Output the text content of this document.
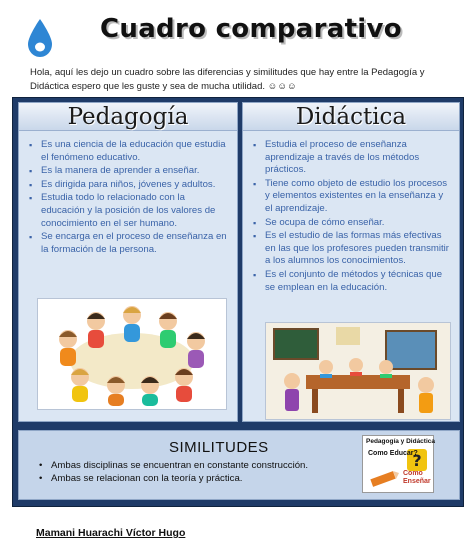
Cuadro comparativo
Hola, aquí les dejo un cuadro sobre las diferencias y similitudes que hay entre la Pedagogía y Didáctica espero que les guste y sea de mucha utilidad. ☺☺☺
Pedagogía
▪ Es una ciencia de la educación que estudia el fenómeno educativo.
▪ Es la manera de aprender a enseñar.
▪ Es dirigida para niños, jóvenes y adultos.
▪ Estudia todo lo relacionado con la educación y la posición de los valores de conocimiento en el ser humano.
▪ Se encarga en el proceso de enseñanza en la formación de la persona.
Didáctica
▪ Estudia el proceso de enseñanza aprendizaje a través de los métodos prácticos.
▪ Tiene como objeto de estudio los procesos y elementos existentes en la enseñanza y el aprendizaje.
▪ Se ocupa de cómo enseñar.
▪ Es el estudio de las formas más efectivas en las que los profesores pueden transmitir a los alumnos los conocimientos.
▪ Es el conjunto de métodos y técnicas que se emplean en la educación.
SIMILITUDES
• Ambas disciplinas se encuentran en constante construcción.
• Ambas se relacionan con la teoría y práctica.
Pedagogía y Didáctica
?
Como Educar?
Como Enseñar
Mamani Huarachi Víctor Hugo
